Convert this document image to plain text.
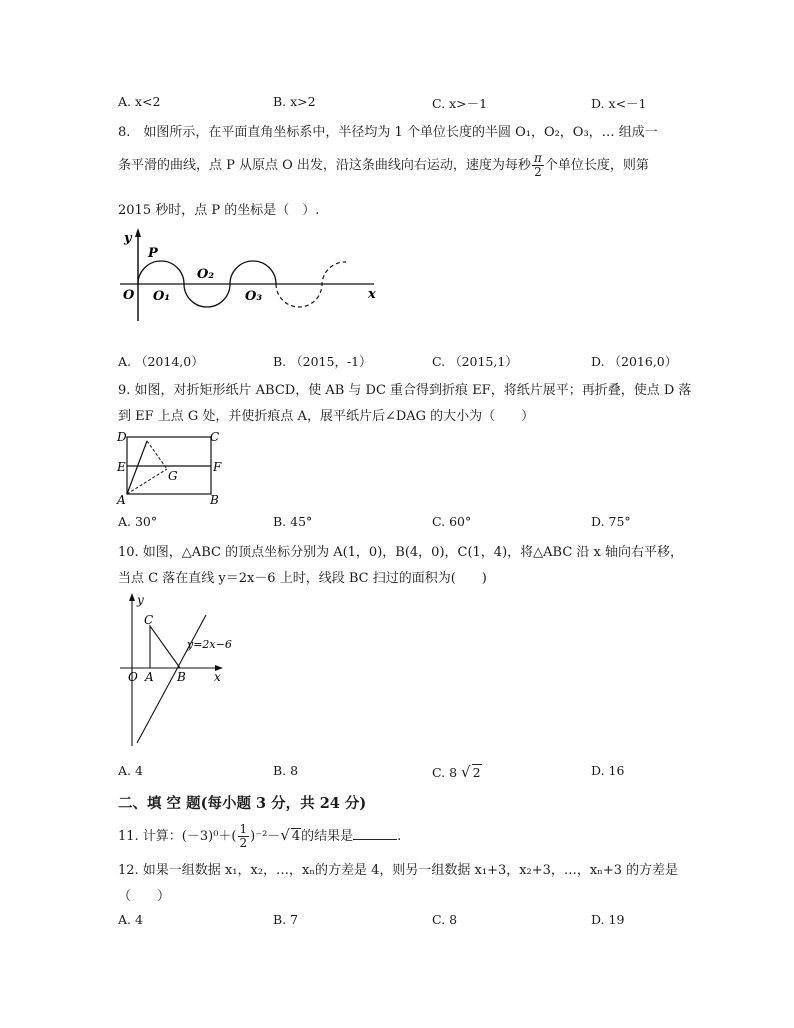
A. x<2	B. x>2	C. x>－1	D. x<－1
8.　如图所示，在平面直角坐标系中，半径均为 1 个单位长度的半圆 O₁，O₂，O₃，… 组成一
条平滑的曲线，点 P 从原点 O 出发，沿这条曲线向右运动，速度为每秒 $\frac{\pi}{2}$ 个单位长度，则第
2015 秒时，点 P 的坐标是（　）.
y
x
P
O O₁
O₂
O₃
A. （2014,0）	B. （2015，-1）	C. （2015,1）	D. （2016,0）
9. 如图，对折矩形纸片 ABCD，使 AB 与 DC 重合得到折痕 EF，将纸片展平；再折叠，使点 D 落
到 EF 上点 G 处，并使折痕点 A，展平纸片后∠DAG 的大小为（　　）
D	C
E	F
G
A	B
A. 30°	B. 45°	C. 60°	D. 75°
10. 如图，△ABC 的顶点坐标分别为 A(1，0)，B(4，0)，C(1，4)，将△ABC 沿 x 轴向右平移，
当点 C 落在直线 y＝2x－6 上时，线段 BC 扫过的面积为(　　)
y
x
C
O A B
y=2x−6
A. 4	B. 8	C. 8 √ 2	D. 16
二、填 空 题(每小题 3 分，共 24 分)
11. 计算：$(-3)^0+( \frac{1}{2} )^{-2}-√$ 4的结果是	.
12. 如果一组数据 x₁，x₂，…，xₙ的方差是 4，则另一组数据 x₁+3，x₂+3，…，xₙ+3 的方差是
（　　）
A. 4	B. 7	C. 8	D. 19
